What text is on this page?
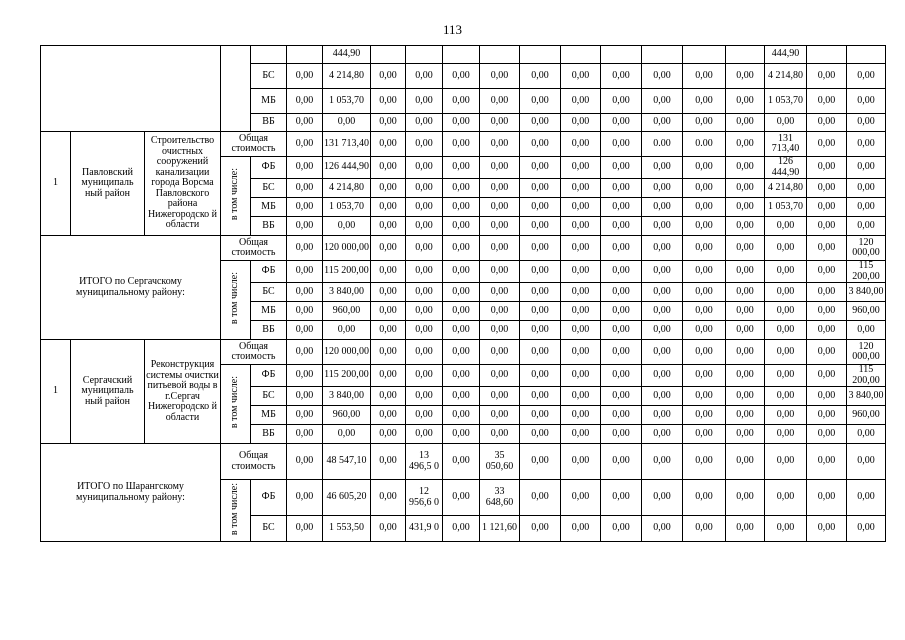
113
						444,90											444,90		
				БС	0,00	4 214,80	0,00	0,00	0,00	0,00	0,00	0,00	0,00	0,00	0,00	0,00	4 214,80	0,00	0,00
				МБ	0,00	1 053,70	0,00	0,00	0,00	0,00	0,00	0,00	0,00	0,00	0,00	0,00	1 053,70	0,00	0,00
				ВБ	0,00	0,00	0,00	0,00	0,00	0,00	0,00	0,00	0,00	0,00	0,00	0,00	0,00	0,00	0,00
1	Павловский муниципаль ный район	Строительство очистных сооружений канализации города Ворсма Павловского района Нижегородско й области	Общая стоимость		0,00	131 713,40	0,00	0,00	0,00	0,00	0,00	0,00	0,00	0.00	0.00	0,00	131 713,40	0,00	0,00
			в том числе:	ФБ	0,00	126 444,90	0,00	0,00	0,00	0,00	0,00	0,00	0,00	0,00	0,00	0,00	126 444,90	0,00	0,00
				БС	0,00	4 214,80	0,00	0,00	0,00	0,00	0,00	0,00	0,00	0,00	0,00	0,00	4 214,80	0,00	0,00
				МБ	0,00	1 053,70	0,00	0,00	0,00	0,00	0,00	0,00	0,00	0,00	0,00	0,00	1 053,70	0,00	0,00
				ВБ	0,00	0,00	0,00	0,00	0,00	0,00	0,00	0,00	0,00	0,00	0,00	0,00	0,00	0,00	0,00
ИТОГО по Сергачскому муниципальному району:			Общая стоимость		0,00	120 000,00	0,00	0,00	0,00	0,00	0,00	0,00	0,00	0,00	0,00	0,00	0,00	0,00	120 000,00
			в том числе:	ФБ	0,00	115 200,00	0,00	0,00	0,00	0,00	0,00	0,00	0,00	0,00	0,00	0,00	0,00	0,00	115 200,00
				БС	0,00	3 840,00	0,00	0,00	0,00	0,00	0,00	0,00	0,00	0,00	0,00	0,00	0,00	0,00	3 840,00
				МБ	0,00	960,00	0,00	0,00	0,00	0,00	0,00	0,00	0,00	0,00	0,00	0,00	0,00	0,00	960,00
				ВБ	0,00	0,00	0,00	0,00	0,00	0,00	0,00	0,00	0,00	0,00	0,00	0,00	0,00	0,00	0,00
1	Сергачский муниципаль ный район	Реконструкция системы очистки питьевой воды в г.Сергач Нижегородско й области	Общая стоимость		0,00	120 000,00	0,00	0,00	0,00	0,00	0,00	0,00	0,00	0,00	0,00	0,00	0,00	0,00	120 000,00
			в том числе:	ФБ	0,00	115 200,00	0,00	0,00	0,00	0,00	0,00	0,00	0,00	0,00	0,00	0,00	0,00	0,00	115 200,00
				БС	0,00	3 840,00	0,00	0,00	0,00	0,00	0,00	0,00	0,00	0,00	0,00	0,00	0,00	0,00	3 840,00
				МБ	0,00	960,00	0,00	0,00	0,00	0,00	0,00	0,00	0,00	0,00	0,00	0,00	0,00	0,00	960,00
				ВБ	0,00	0,00	0,00	0,00	0,00	0,00	0,00	0,00	0,00	0,00	0,00	0,00	0,00	0,00	0,00
ИТОГО по Шарангскому муниципальному району:			Общая стоимость		0,00	48 547,10	0,00	13 496,5 0	0,00	35 050,60	0,00	0,00	0,00	0,00	0,00	0,00	0,00	0,00	0,00
			в том числе:	ФБ	0,00	46 605,20	0,00	12 956,6 0	0,00	33 648,60	0,00	0,00	0,00	0,00	0,00	0,00	0,00	0,00	0,00
				БС	0,00	1 553,50	0,00	431,9 0	0,00	1 121,60	0,00	0,00	0,00	0,00	0,00	0,00	0,00	0,00	0,00
